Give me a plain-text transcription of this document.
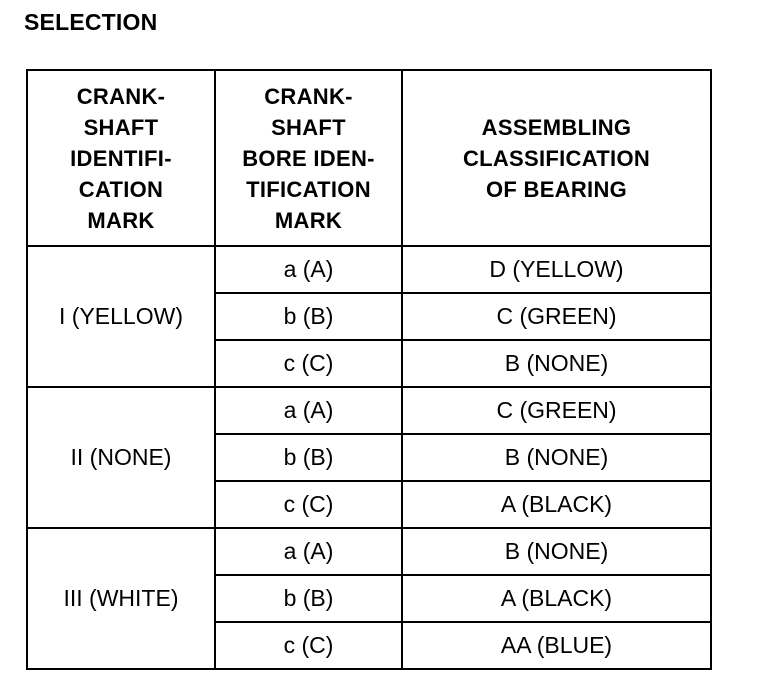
SELECTION
CRANK-
SHAFT
IDENTIFI-
CATION
MARK	CRANK-
SHAFT
BORE IDEN-
TIFICATION
MARK	ASSEMBLING
CLASSIFICATION
OF BEARING

I (YELLOW)	a (A)	D (YELLOW)
	b (B)	C (GREEN)
	c (C)	B (NONE)
II (NONE)	a (A)	C (GREEN)
	b (B)	B (NONE)
	c (C)	A (BLACK)
III (WHITE)	a (A)	B (NONE)
	b (B)	A (BLACK)
	c (C)	AA (BLUE)
